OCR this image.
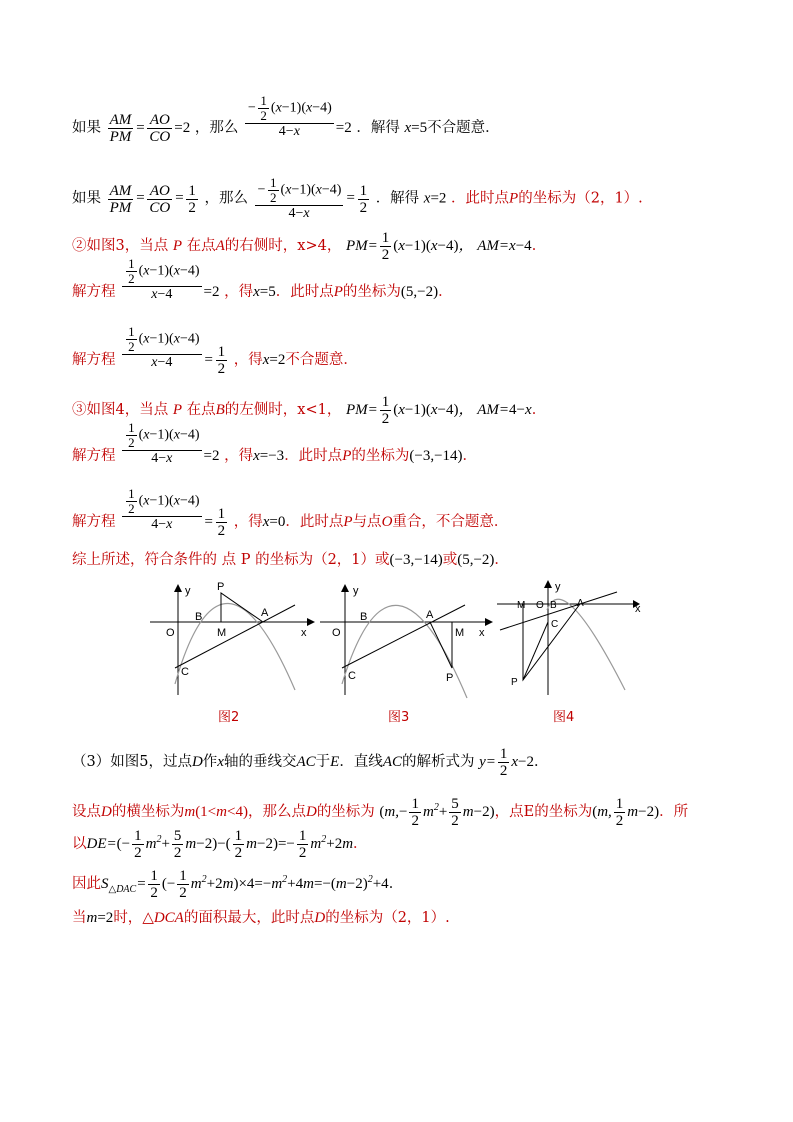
如果 $\frac{AM}{PM} = \frac{AO}{CO} =2$ ，那么 $\frac{- \frac{1}{2} (x-1)(x-4)}{4-x} =2$ ．解得 x=5不合题意．
如果 $\frac{AM}{PM} = \frac{AO}{CO} = \frac{1}{2}$ ，那么 $\frac{- \frac{1}{2} (x-1)(x-4)}{4-x} = \frac{1}{2}$ ．解得 x=2 ．此时点P的坐标为（2，1）.
②如图3，当点 P 在点A的右侧时，x>4， $PM= \frac{1}{2} (x-1)(x-4)$， AM=x−4．
解方程 $\frac{\frac{1}{2} (x-1)(x-4)}{x-4} =2$ ，得x=5．此时点P的坐标为(5,−2)．
解方程 $\frac{\frac{1}{2} (x-1)(x-4)}{x-4} = \frac{1}{2}$ ，得x=2不合题意．
③如图4，当点 P 在点B的左侧时，x<1， $PM= \frac{1}{2} (x-1)(x-4)$， AM=4−x．
解方程 $\frac{\frac{1}{2} (x-1)(x-4)}{4-x} =2$ ，得x=−3．此时点P的坐标为(−3,−14)．
解方程 $\frac{\frac{1}{2} (x-1)(x-4)}{4-x} = \frac{1}{2}$ ，得x=0．此时点P与点O重合，不合题意．
综上所述，符合条件的 点 P 的坐标为（2，1）或(−3,−14)或(5,−2)．
y
x
P
B	A
O	M
C
y
x
B	A
O	M
C	P
y
x
M O B A
C
P
图2	图3	图4
（3）如图5，过点D作x轴的垂线交AC于E．直线AC的解析式为 $y= \frac{1}{2} x-2$．
设点D的横坐标为m(1<m<4)，那么点D的坐标为 $(m,- \frac{1}{2} m^2+ \frac{5}{2} m-2)$，点E的坐标为(m, $\frac{1}{2} m-2$)．所
以$DE=(- \frac{1}{2} m^2+ \frac{5}{2} m-2)-( \frac{1}{2} m-2)=- \frac{1}{2} m^2+2m$．
因此$S_{\triangle DAC}= \frac{1}{2}$ (− $\frac{1}{2} m^2+2m)\times 4=-m^2+4m=-(m-2)^2+4$．
当m=2时，△DCA的面积最大，此时点D的坐标为（2，1）.
